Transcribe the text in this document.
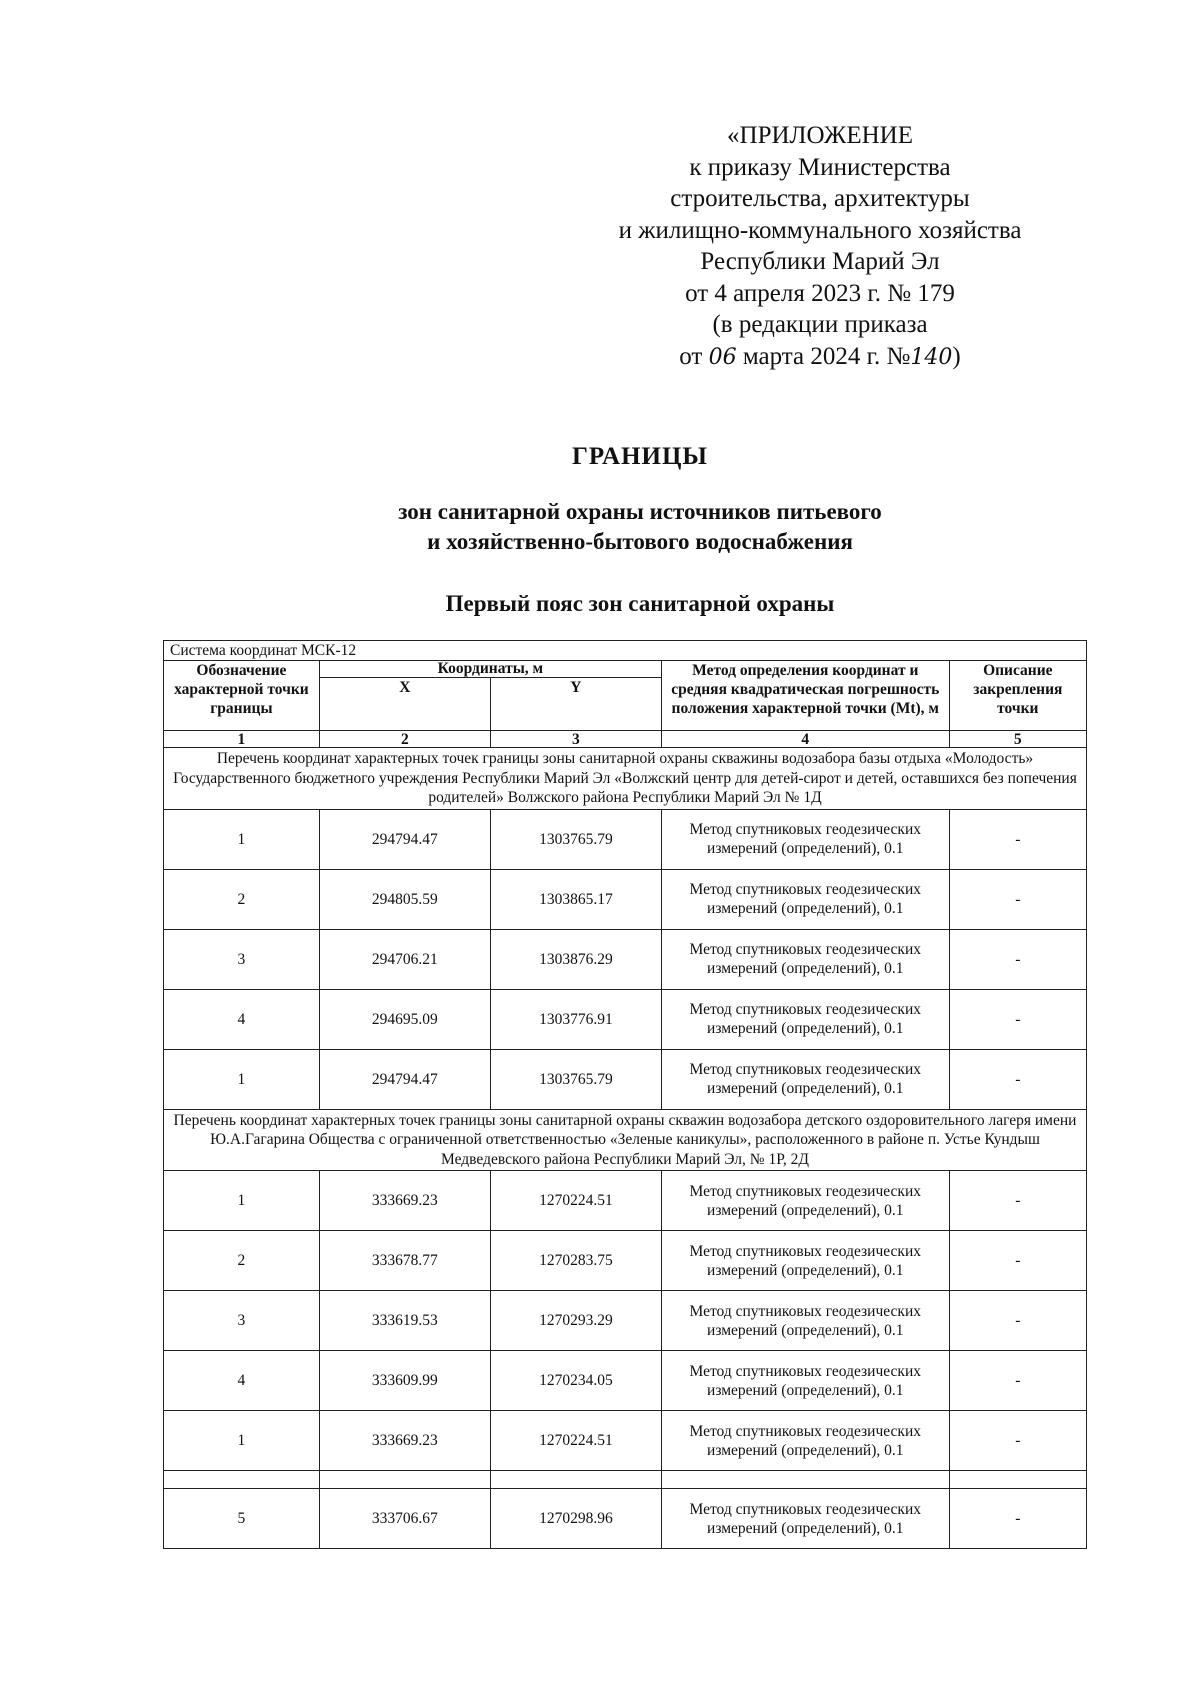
«ПРИЛОЖЕНИЕ
к приказу Министерства
строительства, архитектуры
и жилищно-коммунального хозяйства
Республики Марий Эл
от 4 апреля 2023 г. № 179
(в редакции приказа
от 06 марта 2024 г. №140)
ГРАНИЦЫ
зон санитарной охраны источников питьевого
и хозяйственно-бытового водоснабжения
Первый пояс зон санитарной охраны
Система координат МСК-12				
Обозначение характерной точки границы	Координаты, м		Метод определения координат и средняя квадратическая погрешность положения характерной точки (Mt), м	Описание закрепления точки
	X	Y		
1	2	3	4	5
Перечень координат характерных точек границы зоны санитарной охраны скважины водозабора базы отдыха «Молодость» Государственного бюджетного учреждения Республики Марий Эл «Волжский центр для детей-сирот и детей, оставшихся без попечения родителей» Волжского района Республики Марий Эл № 1Д				
1	294794.47	1303765.79	Метод спутниковых геодезических измерений (определений), 0.1	-
2	294805.59	1303865.17	Метод спутниковых геодезических измерений (определений), 0.1	-
3	294706.21	1303876.29	Метод спутниковых геодезических измерений (определений), 0.1	-
4	294695.09	1303776.91	Метод спутниковых геодезических измерений (определений), 0.1	-
1	294794.47	1303765.79	Метод спутниковых геодезических измерений (определений), 0.1	-
Перечень координат характерных точек границы зоны санитарной охраны скважин водозабора детского оздоровительного лагеря имени Ю.А.Гагарина Общества с ограниченной ответственностью «Зеленые каникулы», расположенного в районе п. Устье Кундыш Медведевского района Республики Марий Эл, № 1Р, 2Д				
1	333669.23	1270224.51	Метод спутниковых геодезических измерений (определений), 0.1	-
2	333678.77	1270283.75	Метод спутниковых геодезических измерений (определений), 0.1	-
3	333619.53	1270293.29	Метод спутниковых геодезических измерений (определений), 0.1	-
4	333609.99	1270234.05	Метод спутниковых геодезических измерений (определений), 0.1	-
1	333669.23	1270224.51	Метод спутниковых геодезических измерений (определений), 0.1	-

5	333706.67	1270298.96	Метод спутниковых геодезических измерений (определений), 0.1	-
